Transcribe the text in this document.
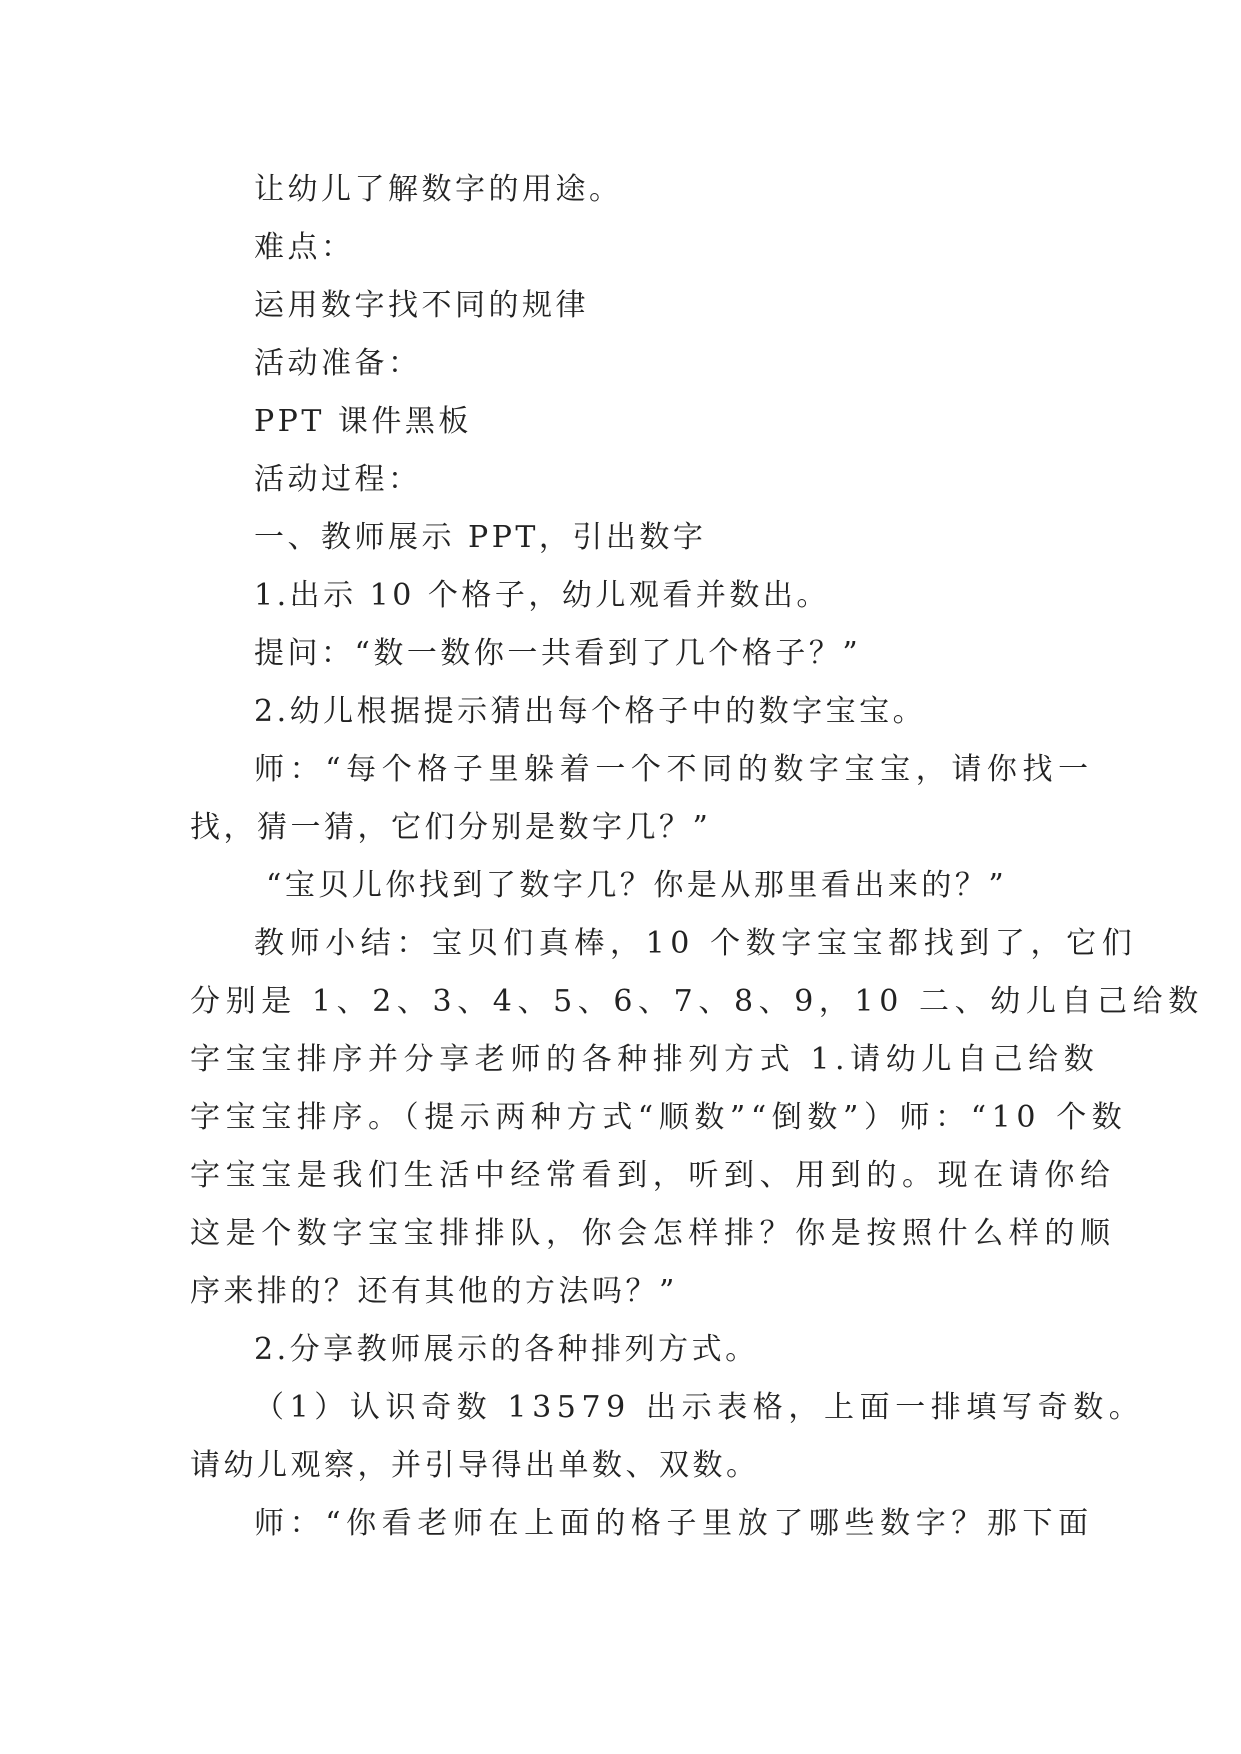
让幼儿了解数字的用途。
难点：
运用数字找不同的规律
活动准备：
PPT 课件黑板
活动过程：
一、教师展示 PPT，引出数字
1.出示 10 个格子，幼儿观看并数出。
提问：“数一数你一共看到了几个格子？”
2.幼儿根据提示猜出每个格子中的数字宝宝。
师：“每个格子里躲着一个不同的数字宝宝，请你找一
找，猜一猜，它们分别是数字几？”
“宝贝儿你找到了数字几？你是从那里看出来的？”
教师小结：宝贝们真棒，10 个数字宝宝都找到了，它们
分别是 1、2、3、4、5、6、7、8、9，10 二、幼儿自己给数
字宝宝排序并分享老师的各种排列方式 1.请幼儿自己给数
字宝宝排序。（提示两种方式“顺数”“倒数”）师：“10 个数
字宝宝是我们生活中经常看到，听到、用到的。现在请你给
这是个数字宝宝排排队，你会怎样排？你是按照什么样的顺
序来排的？还有其他的方法吗？”
2.分享教师展示的各种排列方式。
（1）认识奇数 13579 出示表格，上面一排填写奇数。
请幼儿观察，并引导得出单数、双数。
师：“你看老师在上面的格子里放了哪些数字？那下面
